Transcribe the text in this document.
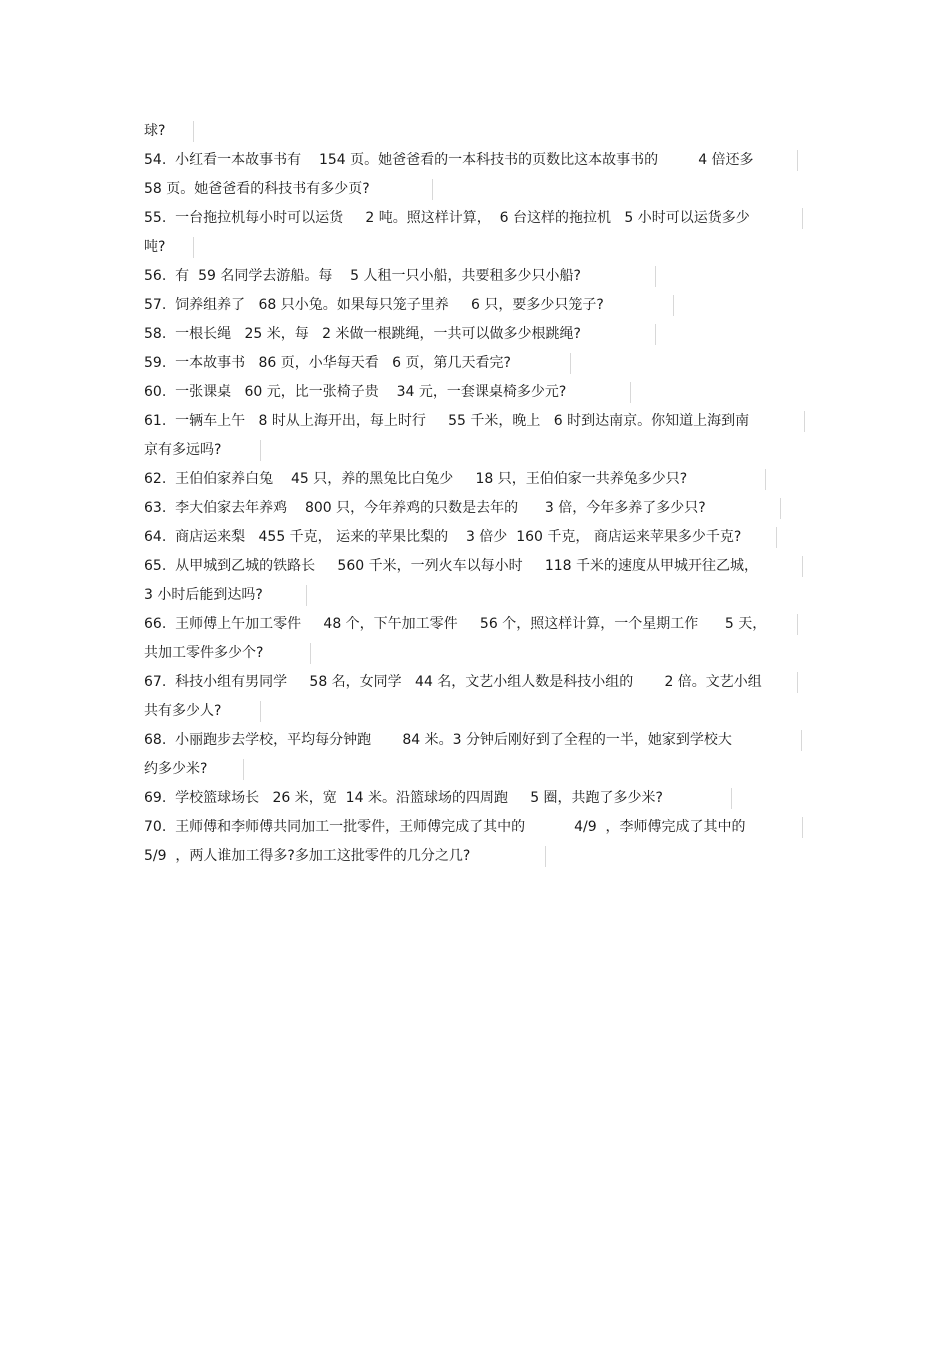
球?
54.  小红看一本故事书有    154 页。她爸爸看的一本科技书的页数比这本故事书的         4 倍还多
58 页。她爸爸看的科技书有多少页?
55.  一台拖拉机每小时可以运货     2 吨。照这样计算，  6 台这样的拖拉机   5 小时可以运货多少
吨?
56.  有  59 名同学去游船。每    5 人租一只小船，共要租多少只小船?
57.  饲养组养了   68 只小兔。如果每只笼子里养     6 只，要多少只笼子?
58.  一根长绳   25 米，每   2 米做一根跳绳，一共可以做多少根跳绳?
59.  一本故事书   86 页，小华每天看   6 页，第几天看完?
60.  一张课桌   60 元，比一张椅子贵    34 元，一套课桌椅多少元?
61.  一辆车上午   8 时从上海开出，每上时行     55 千米，晚上   6 时到达南京。你知道上海到南
京有多远吗?
62.  王伯伯家养白兔    45 只，养的黑兔比白兔少     18 只，王伯伯家一共养兔多少只?
63.  李大伯家去年养鸡    800 只，今年养鸡的只数是去年的      3 倍，今年多养了多少只?
64.  商店运来梨   455 千克， 运来的苹果比梨的    3 倍少  160 千克， 商店运来苹果多少千克?
65.  从甲城到乙城的铁路长     560 千米，一列火车以每小时     118 千米的速度从甲城开往乙城，
3 小时后能到达吗?
66.  王师傅上午加工零件     48 个，下午加工零件     56 个，照这样计算，一个星期工作      5 天，
共加工零件多少个?
67.  科技小组有男同学     58 名，女同学   44 名，文艺小组人数是科技小组的       2 倍。文艺小组
共有多少人?
68.  小丽跑步去学校，平均每分钟跑       84 米。3 分钟后刚好到了全程的一半，她家到学校大
约多少米?
69.  学校篮球场长   26 米，宽  14 米。沿篮球场的四周跑     5 圈，共跑了多少米?
70.  王师傅和李师傅共同加工一批零件，王师傅完成了其中的           4/9  ，李师傅完成了其中的
5/9  ，两人谁加工得多?多加工这批零件的几分之几?
